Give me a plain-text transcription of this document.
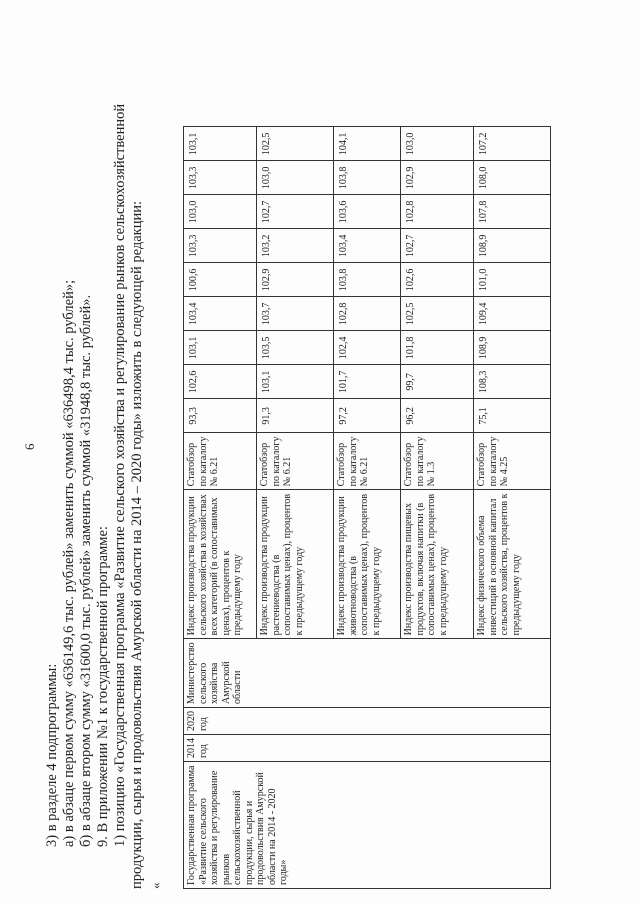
6
3) в разделе 4 подпрограммы: а) в абзаце первом сумму «636149,6 тыс. рублей» заменить суммой «636498,4 тыс. рублей»; б) в абзаце втором сумму «31600,0 тыс. рублей» заменить суммой «31948,8 тыс. рублей». 9. В приложении №1 к государственной программе: 1) позицию «Государственная программа «Развитие сельского хозяйства и регулирование рынков сельскохозяйственной продукции, сырья и продовольствия Амурской области на 2014 – 2020 годы» изложить в следующей редакции: «
Государственная программа «Развитие сельского хозяйства и регулирование рынков сельскохозяйственной продукции, сырья и продовольствия Амурской области на 2014 - 2020 годы»	2014 год	2020 год	Министерство сельского хозяйства Амурской области	Индекс производства продукции сельского хозяйства в хозяйствах всех категорий (в сопоставимых ценах), процентов к предыдущему году	Статобзор по каталогу № 6.21	93,3	102,6	103,1	103,4	100,6	103,3	103,0	103,3	103,1
				Индекс производства продукции растениеводства (в сопоставимых ценах), процентов к предыдущему году	Статобзор по каталогу № 6.21	91,3	103,1	103,5	103,7	102,9	103,2	102,7	103,0	102,5
				Индекс производства продукции животноводства (в сопоставимых ценах), процентов к предыдущему году	Статобзор по каталогу № 6.21	97,2	101,7	102,4	102,8	103,8	103,4	103,6	103,8	104,1
				Индекс производства пищевых продуктов, включая напитки (в сопоставимых ценах), процентов к предыдущему году	Статобзор по каталогу № 1.3	96,2	99,7	101,8	102,5	102,6	102,7	102,8	102,9	103,0
				Индекс физического объема инвестиций в основной капитал сельского хозяйства, процентов к предыдущему году	Статобзор по каталогу № 4.25	75,1	108,3	108,9	109,4	101,0	108,9	107,8	108,0	107,2
